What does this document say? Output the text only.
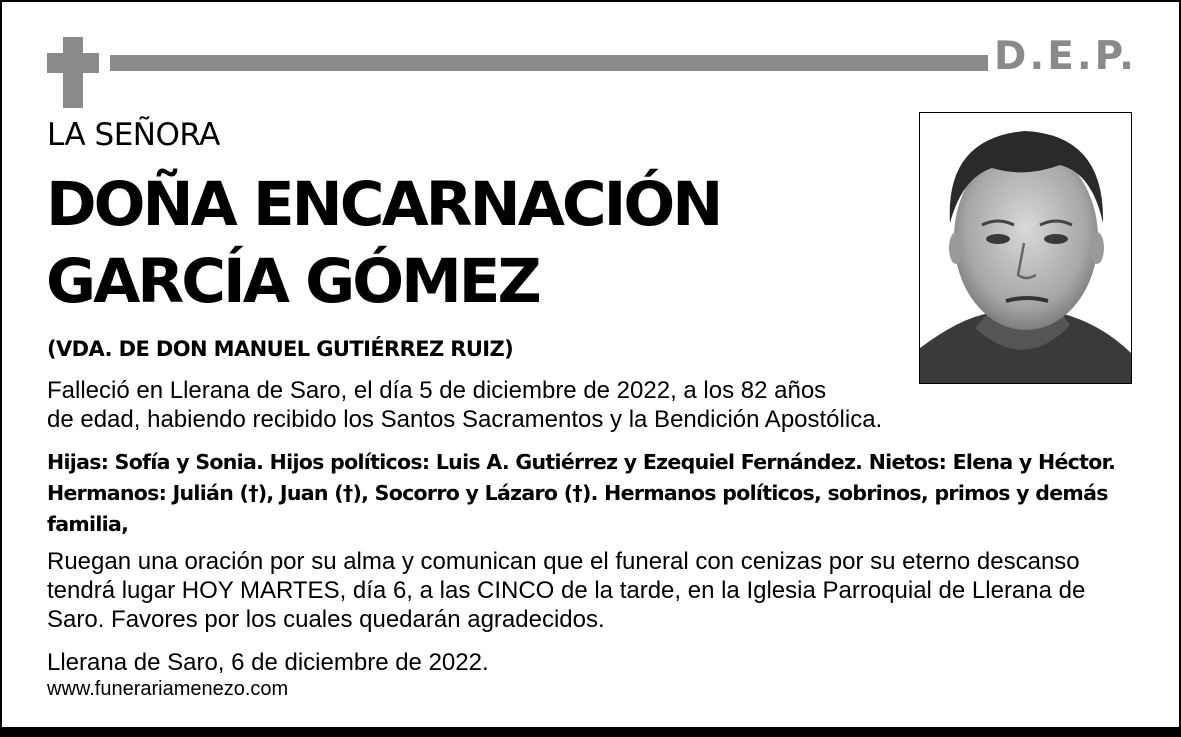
D.E.P.
LA SEÑORA
DOÑA ENCARNACIÓN
GARCÍA GÓMEZ
(VDA. DE DON MANUEL GUTIÉRREZ RUIZ)
Falleció en Llerana de Saro, el día 5 de diciembre de 2022, a los 82 años
de edad, habiendo recibido los Santos Sacramentos y la Bendición Apostólica.
Hijas: Sofía y Sonia. Hijos políticos: Luis A. Gutiérrez y Ezequiel Fernández. Nietos: Elena y Héctor.
Hermanos: Julián (†), Juan (†), Socorro y Lázaro (†). Hermanos políticos, sobrinos, primos y demás
familia,
Ruegan una oración por su alma y comunican que el funeral con cenizas por su eterno descanso
tendrá lugar HOY MARTES, día 6, a las CINCO de la tarde, en la Iglesia Parroquial de Llerana de
Saro. Favores por los cuales quedarán agradecidos.
Llerana de Saro, 6 de diciembre de 2022.
www.funerariamenezo.com
